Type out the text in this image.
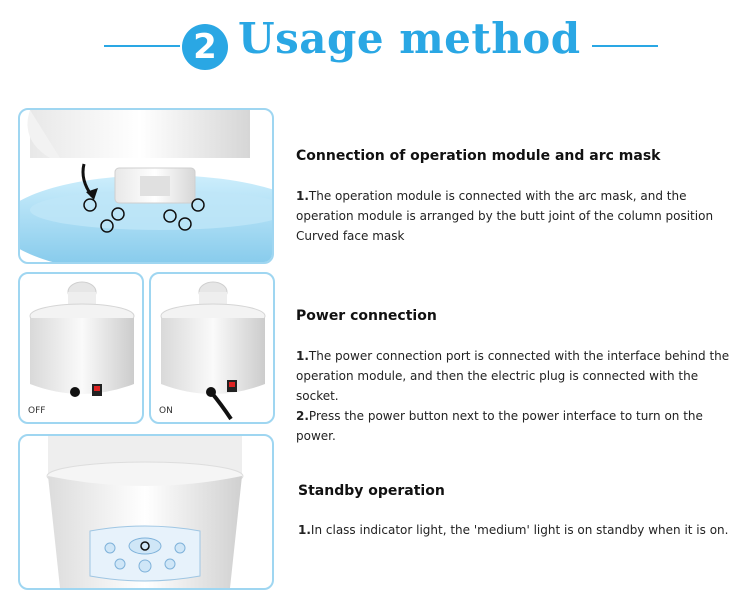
2 Usage method
OFF	ON
Connection of operation module and arc mask
1.The operation module is connected with the arc mask, and the operation module is arranged by the butt joint of the column position Curved face mask
Power connection
1.The power connection port is connected with the interface behind the operation module, and then the electric plug is connected with the socket.
2.Press the power button next to the power interface to turn on the power.
Standby operation
1.In class indicator light, the 'medium' light is on standby when it is on.
